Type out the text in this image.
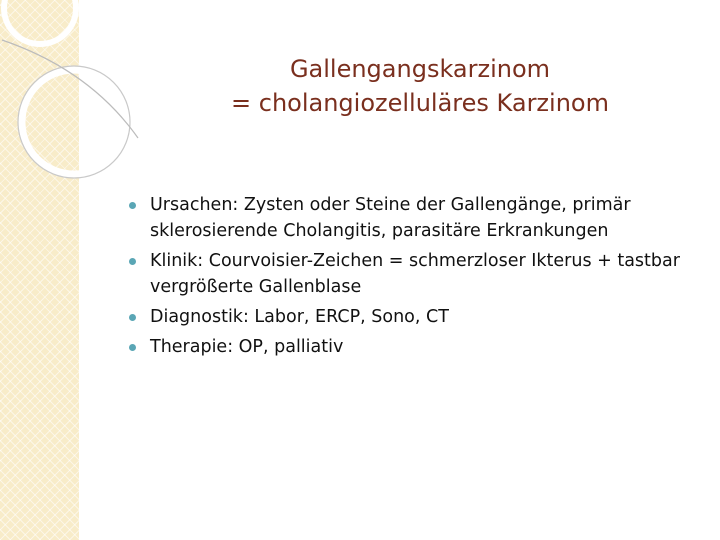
Gallengangskarzinom
= cholangiozelluläres Karzinom
Ursachen: Zysten oder Steine der Gallengänge, primär sklerosierende Cholangitis, parasitäre Erkrankungen
Klinik: Courvoisier-Zeichen = schmerzloser Ikterus + tastbar vergrößerte Gallenblase
Diagnostik: Labor, ERCP, Sono, CT
Therapie: OP, palliativ
